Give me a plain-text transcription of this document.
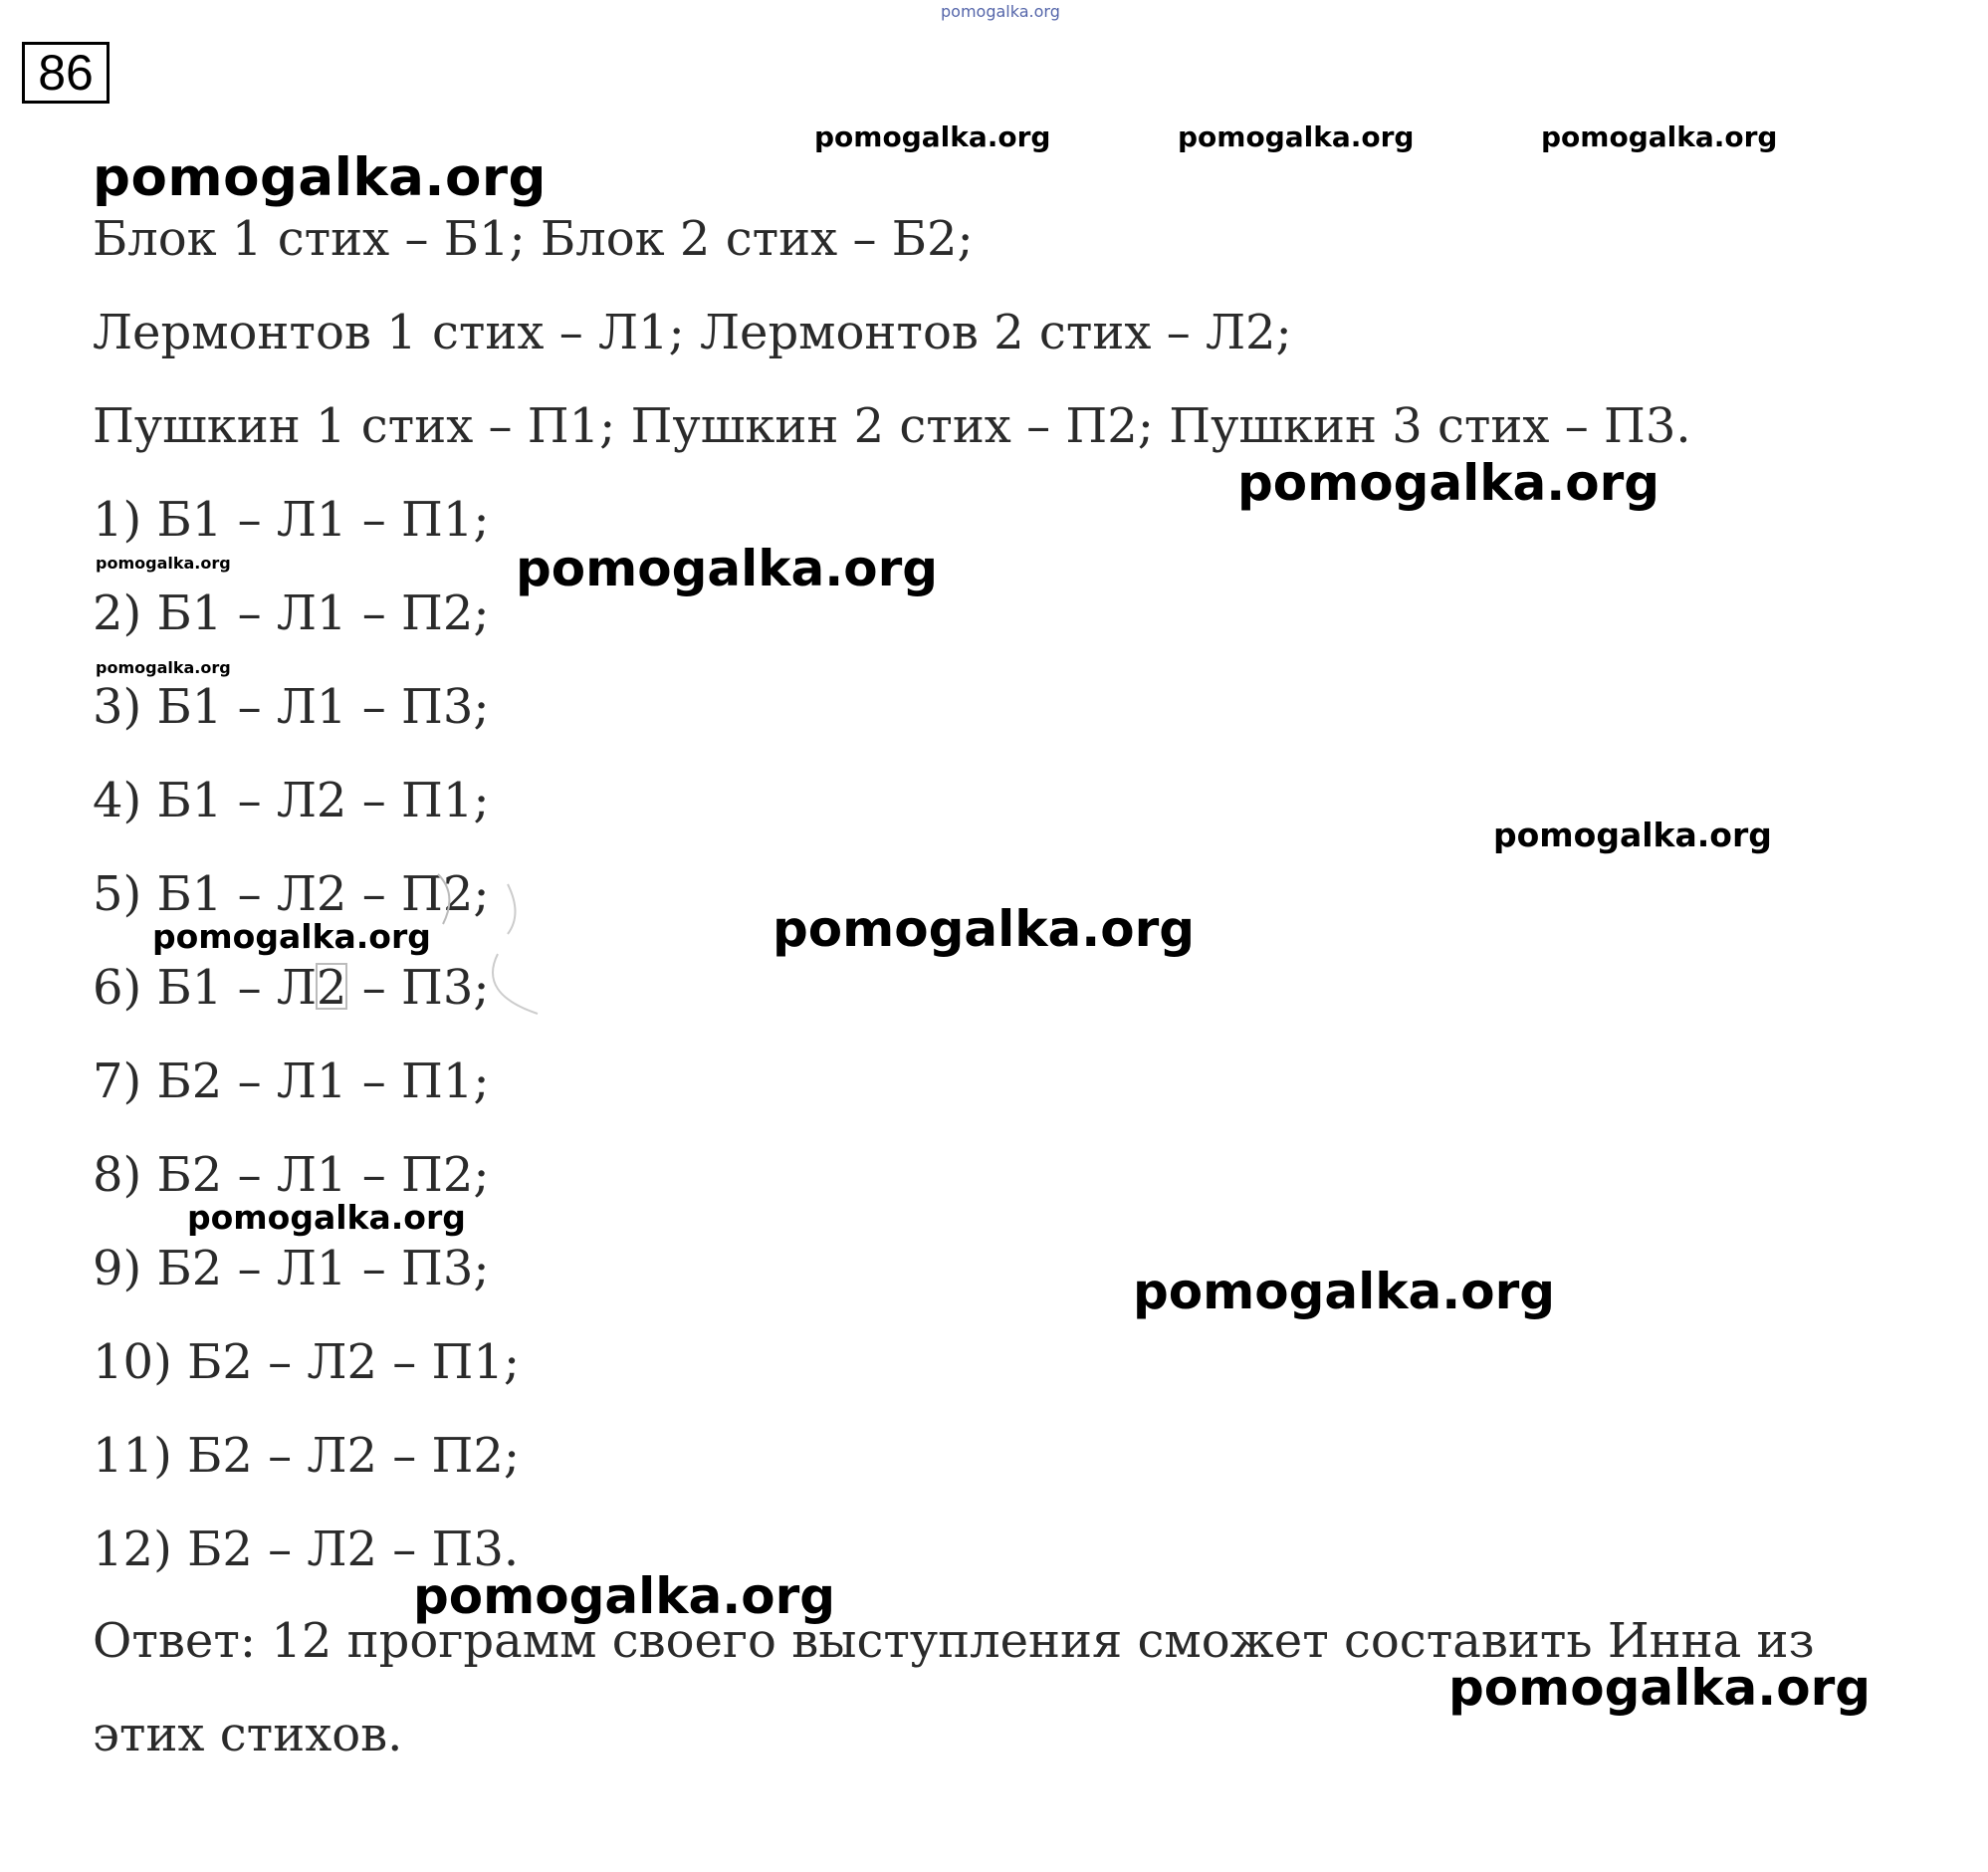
pomogalka.org
86
pomogalka.org	pomogalka.org	pomogalka.org
pomogalka.org
pomogalka.org
pomogalka.org	pomogalka.org
pomogalka.org
pomogalka.org
pomogalka.org	pomogalka.org
pomogalka.org
pomogalka.org
pomogalka.org
pomogalka.org
Блок 1 стих – Б1; Блок 2 стих – Б2;
Лермонтов 1 стих – Л1; Лермонтов 2 стих – Л2;
Пушкин 1 стих – П1; Пушкин 2 стих – П2; Пушкин 3 стих – П3.
1) Б1 – Л1 – П1;
2) Б1 – Л1 – П2;
3) Б1 – Л1 – П3;
4) Б1 – Л2 – П1;
5) Б1 – Л2 – П2;
6) Б1 – Л2 – П3;
7) Б2 – Л1 – П1;
8) Б2 – Л1 – П2;
9) Б2 – Л1 – П3;
10) Б2 – Л2 – П1;
11) Б2 – Л2 – П2;
12) Б2 – Л2 – П3.
Ответ: 12 программ своего выступления сможет составить Инна из
этих стихов.
